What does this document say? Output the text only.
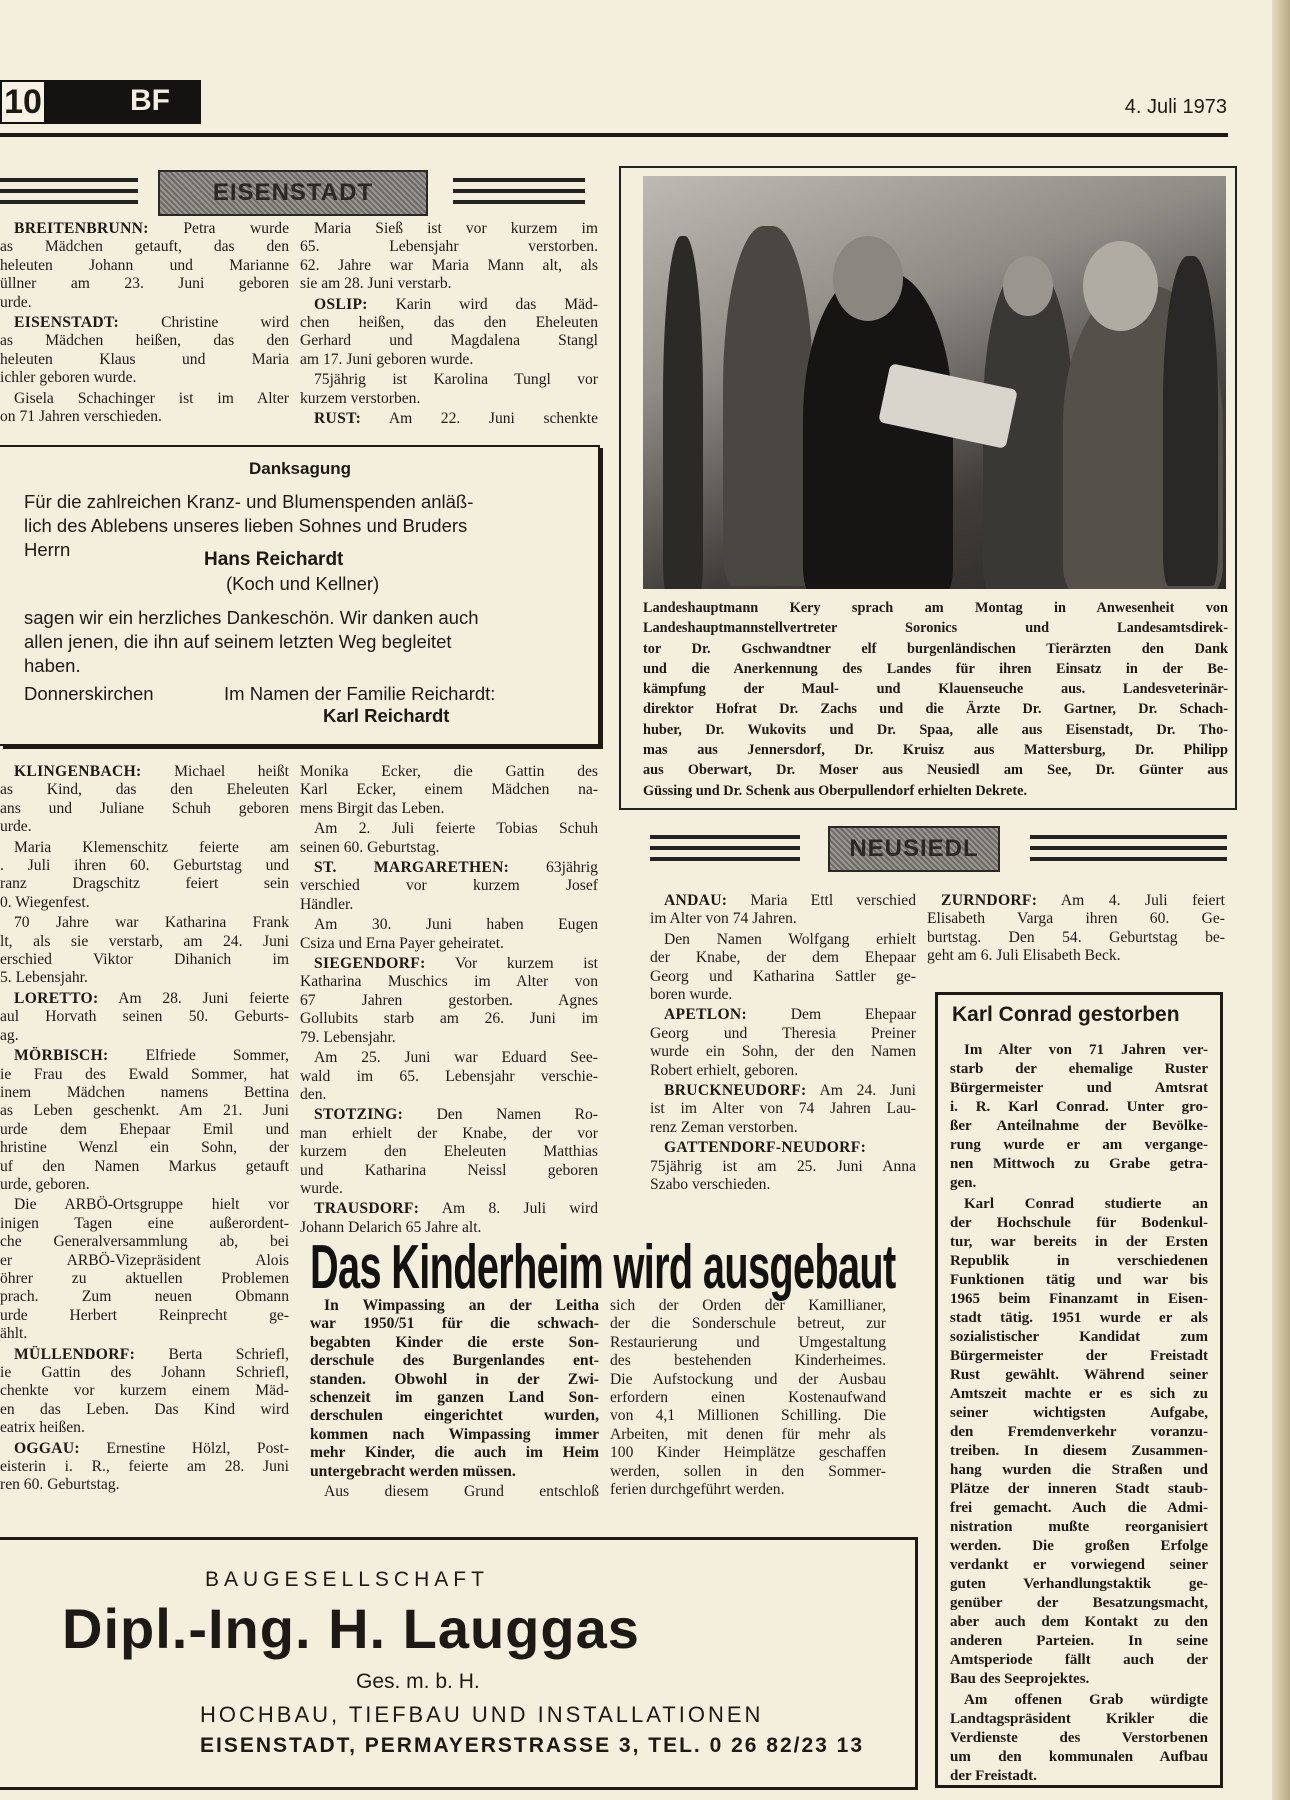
10	BF	4. Juli 1973
EISENSTADT
BREITENBRUNN: Petra wurde
as Mädchen getauft, das den
heleuten Johann und Marianne
üllner am 23. Juni geboren
urde.
EISENSTADT: Christine wird
as Mädchen heißen, das den
heleuten Klaus und Maria
ichler geboren wurde.
Gisela Schachinger ist im Alter
on 71 Jahren verschieden.
Maria Sieß ist vor kurzem im
65. Lebensjahr verstorben.
62. Jahre war Maria Mann alt, als
sie am 28. Juni verstarb.
OSLIP: Karin wird das Mäd-
chen heißen, das den Eheleuten
Gerhard und Magdalena Stangl
am 17. Juni geboren wurde.
75jährig ist Karolina Tungl vor
kurzem verstorben.
RUST: Am 22. Juni schenkte
Danksagung
Für die zahlreichen Kranz- und Blumenspenden anläß-
lich des Ablebens unseres lieben Sohnes und Bruders
Herrn	Hans Reichardt
(Koch und Kellner)
sagen wir ein herzliches Dankeschön. Wir danken auch
allen jenen, die ihn auf seinem letzten Weg begleitet
haben.
Donnerskirchen	Im Namen der Familie Reichardt:
Karl Reichardt
KLINGENBACH: Michael heißt
as Kind, das den Eheleuten
ans und Juliane Schuh geboren
urde.
Maria Klemenschitz feierte am
. Juli ihren 60. Geburtstag und
ranz Dragschitz feiert sein
0. Wiegenfest.
70 Jahre war Katharina Frank
lt, als sie verstarb, am 24. Juni
erschied Viktor Dihanich im
5. Lebensjahr.
LORETTO: Am 28. Juni feierte
aul Horvath seinen 50. Geburts-
ag.
MÖRBISCH: Elfriede Sommer,
ie Frau des Ewald Sommer, hat
inem Mädchen namens Bettina
as Leben geschenkt. Am 21. Juni
urde dem Ehepaar Emil und
hristine Wenzl ein Sohn, der
uf den Namen Markus getauft
urde, geboren.
Die ARBÖ-Ortsgruppe hielt vor
inigen Tagen eine außerordent-
che Generalversammlung ab, bei
er ARBÖ-Vizepräsident Alois
öhrer zu aktuellen Problemen
prach. Zum neuen Obmann
urde Herbert Reinprecht ge-
ählt.
MÜLLENDORF: Berta Schriefl,
ie Gattin des Johann Schriefl,
chenkte vor kurzem einem Mäd-
en das Leben. Das Kind wird
eatrix heißen.
OGGAU: Ernestine Hölzl, Post-
eisterin i. R., feierte am 28. Juni
ren 60. Geburtstag.
Monika Ecker, die Gattin des
Karl Ecker, einem Mädchen na-
mens Birgit das Leben.
Am 2. Juli feierte Tobias Schuh
seinen 60. Geburtstag.
ST. MARGARETHEN: 63jährig
verschied vor kurzem Josef
Händler.
Am 30. Juni haben Eugen
Csiza und Erna Payer geheiratet.
SIEGENDORF: Vor kurzem ist
Katharina Muschics im Alter von
67 Jahren gestorben. Agnes
Gollubits starb am 26. Juni im
79. Lebensjahr.
Am 25. Juni war Eduard See-
wald im 65. Lebensjahr verschie-
den.
STOTZING: Den Namen Ro-
man erhielt der Knabe, der vor
kurzem den Eheleuten Matthias
und Katharina Neissl geboren
wurde.
TRAUSDORF: Am 8. Juli wird
Johann Delarich 65 Jahre alt.
Landeshauptmann Kery sprach am Montag in Anwesenheit von
Landeshauptmannstellvertreter Soronics und Landesamtsdirek-
tor Dr. Gschwandtner elf burgenländischen Tierärzten den Dank
und die Anerkennung des Landes für ihren Einsatz in der Be-
kämpfung der Maul- und Klauenseuche aus. Landesveterinär-
direktor Hofrat Dr. Zachs und die Ärzte Dr. Gartner, Dr. Schach-
huber, Dr. Wukovits und Dr. Spaa, alle aus Eisenstadt, Dr. Tho-
mas aus Jennersdorf, Dr. Kruisz aus Mattersburg, Dr. Philipp
aus Oberwart, Dr. Moser aus Neusiedl am See, Dr. Günter aus
Güssing und Dr. Schenk aus Oberpullendorf erhielten Dekrete.
NEUSIEDL
ANDAU: Maria Ettl verschied
im Alter von 74 Jahren.
Den Namen Wolfgang erhielt
der Knabe, der dem Ehepaar
Georg und Katharina Sattler ge-
boren wurde.
APETLON: Dem Ehepaar
Georg und Theresia Preiner
wurde ein Sohn, der den Namen
Robert erhielt, geboren.
BRUCKNEUDORF: Am 24. Juni
ist im Alter von 74 Jahren Lau-
renz Zeman verstorben.
GATTENDORF-NEUDORF:
75jährig ist am 25. Juni Anna
Szabo verschieden.
ZURNDORF: Am 4. Juli feiert
Elisabeth Varga ihren 60. Ge-
burtstag. Den 54. Geburtstag be-
geht am 6. Juli Elisabeth Beck.
Das Kinderheim wird ausgebaut
In Wimpassing an der Leitha
war 1950/51 für die schwach-
begabten Kinder die erste Son-
derschule des Burgenlandes ent-
standen. Obwohl in der Zwi-
schenzeit im ganzen Land Son-
derschulen eingerichtet wurden,
kommen nach Wimpassing immer
mehr Kinder, die auch im Heim
untergebracht werden müssen.
Aus diesem Grund entschloß
sich der Orden der Kamillianer,
der die Sonderschule betreut, zur
Restaurierung und Umgestaltung
des bestehenden Kinderheimes.
Die Aufstockung und der Ausbau
erfordern einen Kostenaufwand
von 4,1 Millionen Schilling. Die
Arbeiten, mit denen für mehr als
100 Kinder Heimplätze geschaffen
werden, sollen in den Sommer-
ferien durchgeführt werden.
Karl Conrad gestorben
Im Alter von 71 Jahren ver-
starb der ehemalige Ruster
Bürgermeister und Amtsrat
i. R. Karl Conrad. Unter gro-
ßer Anteilnahme der Bevölke-
rung wurde er am vergange-
nen Mittwoch zu Grabe getra-
gen.
Karl Conrad studierte an
der Hochschule für Bodenkul-
tur, war bereits in der Ersten
Republik in verschiedenen
Funktionen tätig und war bis
1965 beim Finanzamt in Eisen-
stadt tätig. 1951 wurde er als
sozialistischer Kandidat zum
Bürgermeister der Freistadt
Rust gewählt. Während seiner
Amtszeit machte er es sich zu
seiner wichtigsten Aufgabe,
den Fremdenverkehr voranzu-
treiben. In diesem Zusammen-
hang wurden die Straßen und
Plätze der inneren Stadt staub-
frei gemacht. Auch die Admi-
nistration mußte reorganisiert
werden. Die großen Erfolge
verdankt er vorwiegend seiner
guten Verhandlungstaktik ge-
genüber der Besatzungsmacht,
aber auch dem Kontakt zu den
anderen Parteien. In seine
Amtsperiode fällt auch der
Bau des Seeprojektes.
Am offenen Grab würdigte
Landtagspräsident Krikler die
Verdienste des Verstorbenen
um den kommunalen Aufbau
der Freistadt.
BAUGESELLSCHAFT
Dipl.-Ing. H. Lauggas
Ges. m. b. H.
HOCHBAU, TIEFBAU UND INSTALLATIONEN
EISENSTADT, PERMAYERSTRASSE 3, TEL. 0 26 82/23 13
